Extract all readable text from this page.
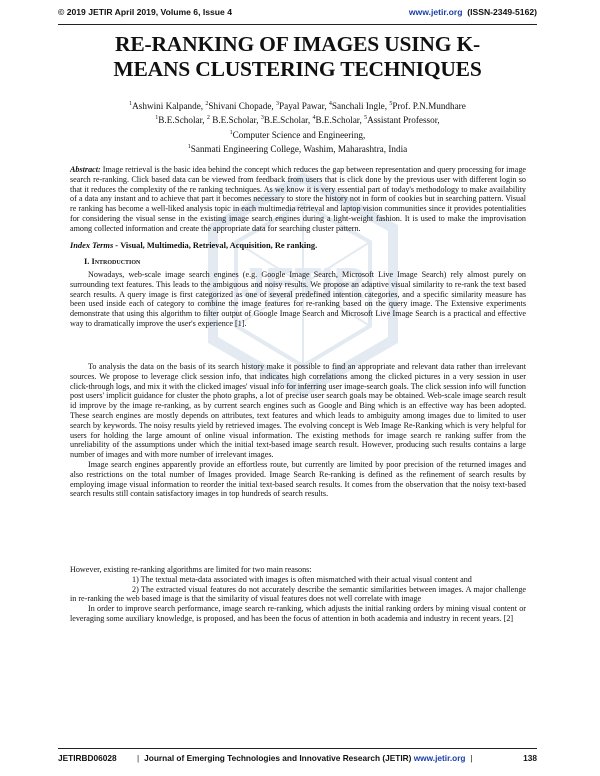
© 2019 JETIR April 2019, Volume 6, Issue 4	www.jetir.org (ISSN-2349-5162)
JETIR
RE-RANKING OF IMAGES USING K-
MEANS CLUSTERING TECHNIQUES
$^1$Ashwini Kalpande, $^2$Shivani Chopade, $^3$Payal Pawar, $^4$Sanchali Ingle, $^5$Prof. P.N.Mundhare
$^1$B.E.Scholar, $^2$ B.E.Scholar, $^3$B.E.Scholar, $^4$B.E.Scholar, $^5$Assistant Professor,
$^1$Computer Science and Engineering,
$^1$Sanmati Engineering College, Washim, Maharashtra, India
Abstract: Image retrieval is the basic idea behind the concept which reduces the gap between representation and query processing for image search re-ranking. Click based data can be viewed from feedback from users that is click done by the previous user with different login so that it reduces the complexity of the re ranking techniques. As we know it is very essential part of today's methodology to make availability of a data any instant and to achieve that part it becomes necessary to store the history not in form of cookies but in searching pattern. Visual re ranking has become a well-liked analysis topic in each multimedia retrieval and laptop vision communities since it provides potentialities for considering the visual sense in the existing image search engines during a light-weight fashion. It is used to make the improvisation among collected information and create the appropriate data for searching cluster pattern.
Index Terms - Visual, Multimedia, Retrieval, Acquisition, Re ranking.
I. Introduction

Nowadays, web-scale image search engines (e.g. Google Image Search, Microsoft Live Image Search) rely almost purely on surrounding text features. This leads to the ambiguous and noisy results. We propose an adaptive visual similarity to re-rank the text based search results. A query image is first categorized as one of several predefined intention categories, and a specific similarity measure has been used inside each of category to combine the image features for re-ranking based on the query image. The Extensive experiments demonstrate that using this algorithm to filter output of Google Image Search and Microsoft Live Image Search is a practical and effective way to dramatically improve the user's experience [1].

To analysis the data on the basis of its search history make it possible to find an appropriate and relevant data rather than irrelevant sources. We propose to leverage click session info, that indicates high correlations among the clicked pictures in a very session in user click-through logs, and mix it with the clicked images' visual info for inferring user image-search goals. The click session info will function post users' implicit guidance for cluster the photo graphs, a lot of precise user search goals may be obtained. Web-scale image search result id improve by the image re-ranking, as by current search engines such as Google and Bing which is an effective way has been adopted. These search engines are mostly depends on attributes, text features and which leads to ambiguity among images due to limited to user search by keywords. The noisy results yield by retrieved images. The evolving concept is Web Image Re-Ranking which is very helpful for users for holding the large amount of online visual information. The existing methods for image search re ranking suffer from the unreliability of the assumptions under which the initial text-based image search result. However, producing such results contains a large number of images and with more number of irrelevant images.

Image search engines apparently provide an effortless route, but currently are limited by poor precision of the returned images and also restrictions on the total number of Images provided. Image Search Re-ranking is defined as the refinement of search results by employing image visual information to reorder the initial text-based search results. It comes from the observation that the noisy text-based search results still contain satisfactory images in top hundreds of search results.

However, existing re-ranking algorithms are limited for two main reasons:

1) The textual meta-data associated with images is often mismatched with their actual visual content and

2) The extracted visual features do not accurately describe the semantic similarities between images. A major challenge in re-ranking the web based image is that the similarity of visual features does not well correlate with image

In order to improve search performance, image search re-ranking, which adjusts the initial ranking orders by mining visual content or leveraging some auxiliary knowledge, is proposed, and has been the focus of attention in both academia and industry in recent years. [2]

JETIRBD06028	| Journal of Emerging Technologies and Innovative Research (JETIR) www.jetir.org |	138
